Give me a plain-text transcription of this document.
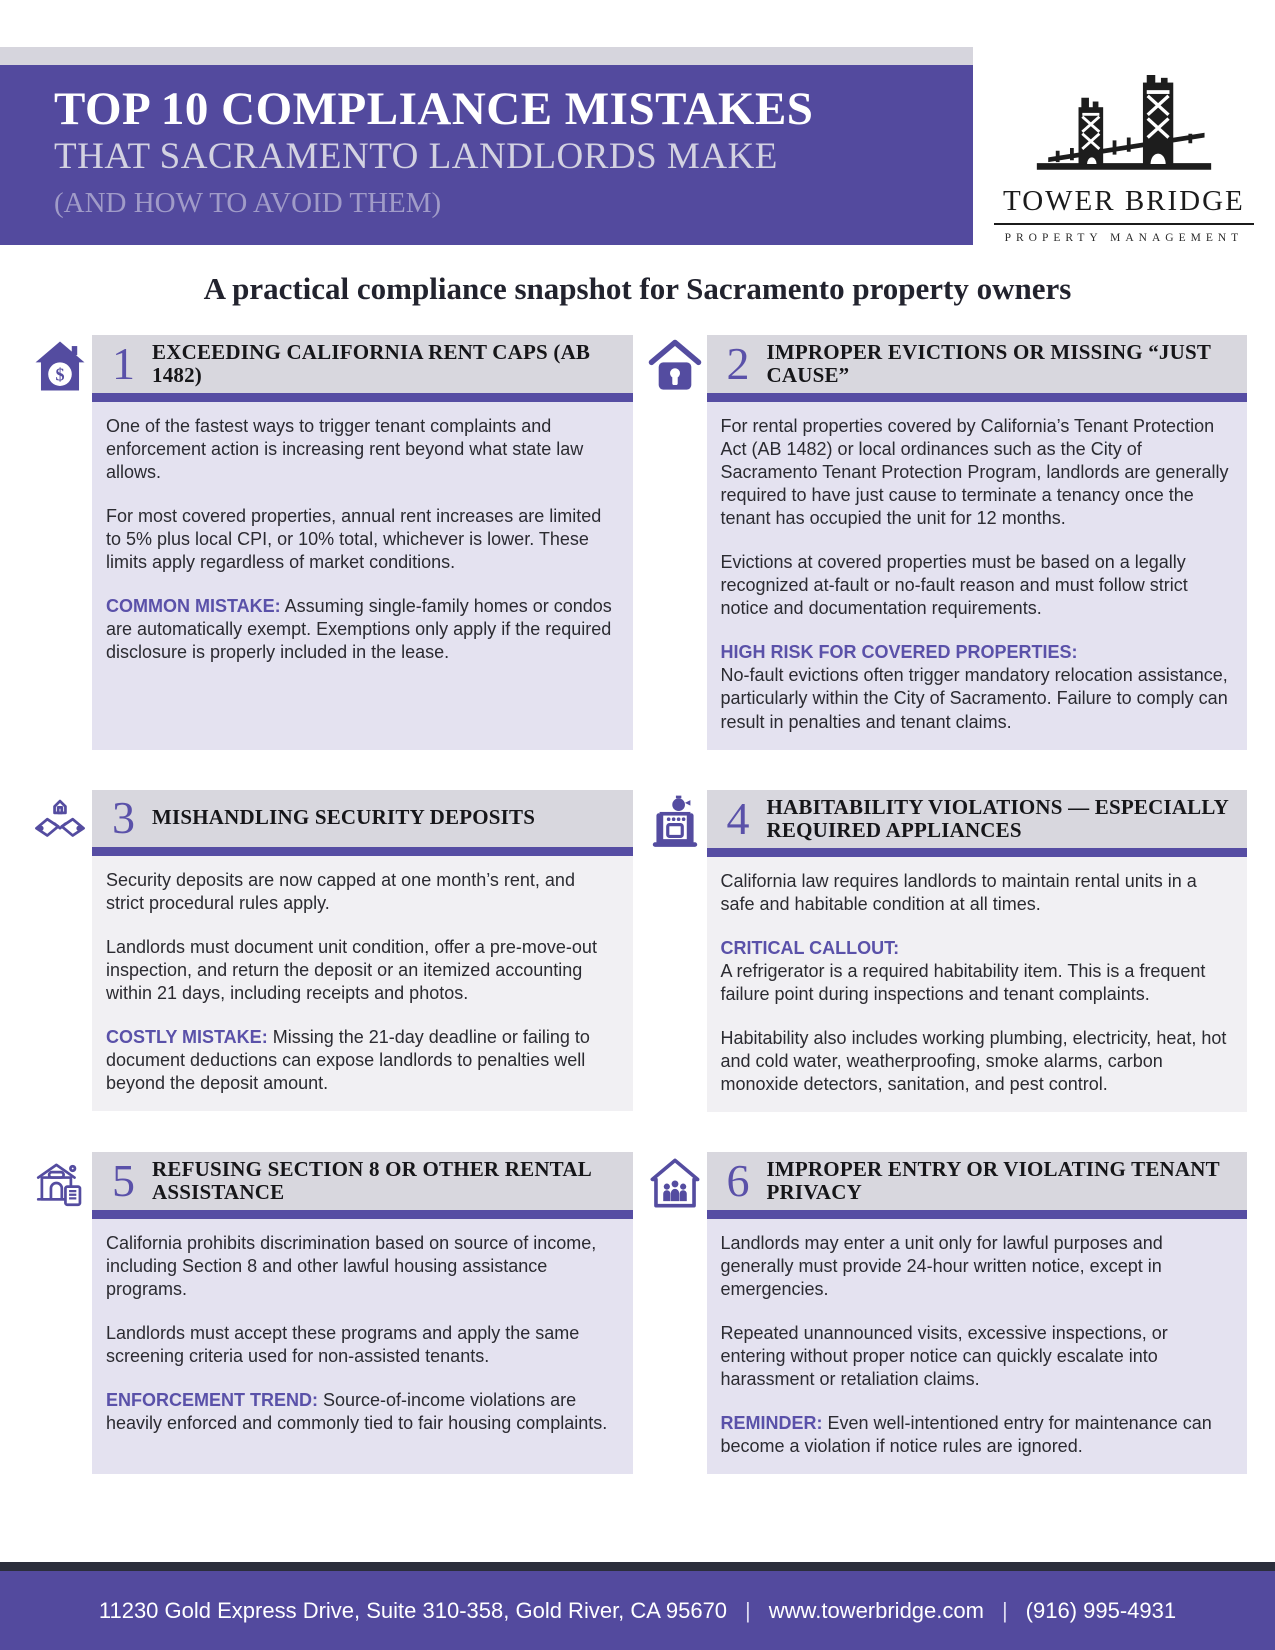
TOP 10 COMPLIANCE MISTAKES
THAT SACRAMENTO LANDLORDS MAKE
(AND HOW TO AVOID THEM)	TOWER BRIDGE
PROPERTY MANAGEMENT
A practical compliance snapshot for Sacramento property owners
$ 1 EXCEEDING CALIFORNIA RENT CAPS (AB 1482)

One of the fastest ways to trigger tenant complaints and enforcement action is increasing rent beyond what state law allows.

For most covered properties, annual rent increases are limited to 5% plus local CPI, or 10% total, whichever is lower. These limits apply regardless of market conditions.

COMMON MISTAKE: Assuming single-family homes or condos are automatically exempt. Exemptions only apply if the required disclosure is properly included in the lease.

2 IMPROPER EVICTIONS OR MISSING “JUST CAUSE”

For rental properties covered by California’s Tenant Protection Act (AB 1482) or local ordinances such as the City of Sacramento Tenant Protection Program, landlords are generally required to have just cause to terminate a tenancy once the tenant has occupied the unit for 12 months.

Evictions at covered properties must be based on a legally recognized at-fault or no-fault reason and must follow strict notice and documentation requirements.

HIGH RISK FOR COVERED PROPERTIES:
No-fault evictions often trigger mandatory relocation assistance, particularly within the City of Sacramento. Failure to comply can result in penalties and tenant claims.

3 MISHANDLING SECURITY DEPOSITS

Security deposits are now capped at one month’s rent, and strict procedural rules apply.

Landlords must document unit condition, offer a pre-move-out inspection, and return the deposit or an itemized accounting within 21 days, including receipts and photos.

COSTLY MISTAKE: Missing the 21-day deadline or failing to document deductions can expose landlords to penalties well beyond the deposit amount.

4 HABITABILITY VIOLATIONS — ESPECIALLY REQUIRED APPLIANCES

California law requires landlords to maintain rental units in a safe and habitable condition at all times.

CRITICAL CALLOUT:
A refrigerator is a required habitability item. This is a frequent failure point during inspections and tenant complaints.

Habitability also includes working plumbing, electricity, heat, hot and cold water, weatherproofing, smoke alarms, carbon monoxide detectors, sanitation, and pest control.

5 REFUSING SECTION 8 OR OTHER RENTAL ASSISTANCE

California prohibits discrimination based on source of income, including Section 8 and other lawful housing assistance programs.

Landlords must accept these programs and apply the same screening criteria used for non-assisted tenants.

ENFORCEMENT TREND: Source-of-income violations are heavily enforced and commonly tied to fair housing complaints.

6 IMPROPER ENTRY OR VIOLATING TENANT PRIVACY

Landlords may enter a unit only for lawful purposes and generally must provide 24-hour written notice, except in emergencies.

Repeated unannounced visits, excessive inspections, or entering without proper notice can quickly escalate into harassment or retaliation claims.

REMINDER: Even well-intentioned entry for maintenance can become a violation if notice rules are ignored.

11230 Gold Express Drive, Suite 310-358, Gold River, CA 95670 | www.towerbridge.com | (916) 995-4931
